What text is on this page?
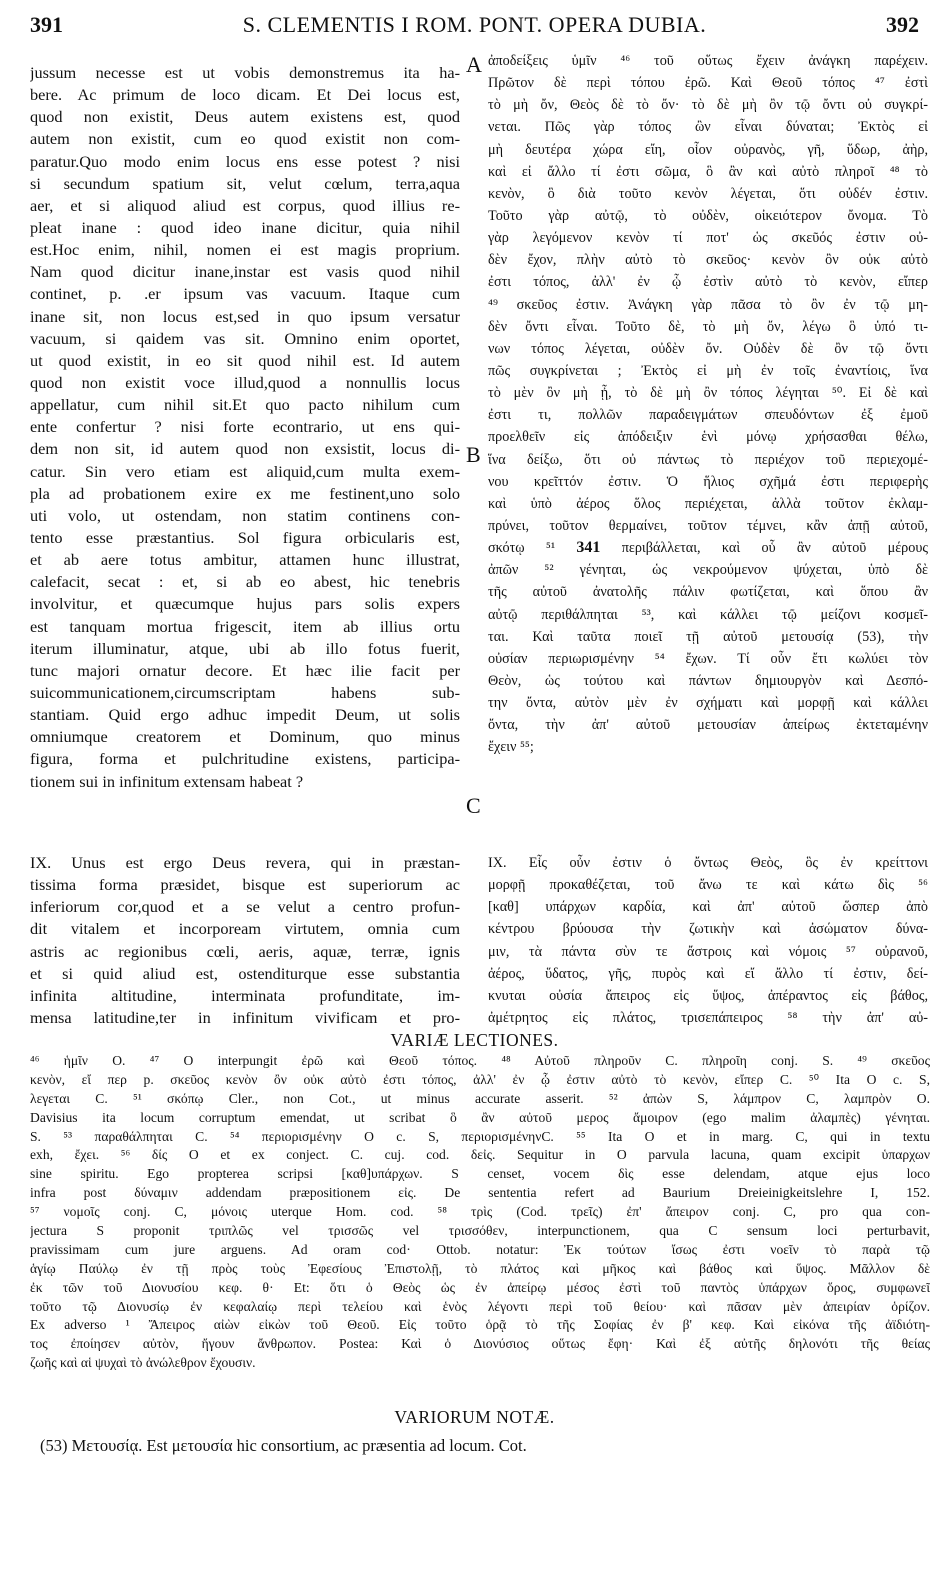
391	S. CLEMENTIS I ROM. PONT. OPERA DUBIA.	392
jussum necesse est ut vobis demonstremus ita ha-
bere. Ac primum de loco dicam. Et Dei locus est,
quod non existit, Deus autem existens est, quod
autem non existit, cum eo quod existit non com-
paratur.Quo modo enim locus ens esse potest ? nisi
si secundum spatium sit, velut cœlum, terra,aqua
aer, et si aliquod aliud est corpus, quod illius re-
pleat inane : quod ideo inane dicitur, quia nihil
est.Hoc enim, nihil, nomen ei est magis proprium.
Nam quod dicitur inane,instar est vasis quod nihil
continet, p. .er ipsum vas vacuum. Itaque cum
inane sit, non locus est,sed in quo ipsum versatur
vacuum, si qaidem vas sit. Omnino enim oportet,
ut quod existit, in eo sit quod nihil est. Id autem
quod non existit voce illud,quod a nonnullis locus
appellatur, cum nihil sit.Et quo pacto nihilum cum
ente confertur ? nisi forte econtrario, ut ens qui-
dem non sit, id autem quod non exsistit, locus di-
catur. Sin vero etiam est aliquid,cum multa exem-
pla ad probationem exire ex me festinent,uno solo
uti volo, ut ostendam, non statim continens con-
tento esse præstantius. Sol figura orbicularis est,
et ab aere totus ambitur, attamen hunc illustrat,
calefacit, secat : et, si ab eo abest, hic tenebris
involvitur, et quæcumque hujus pars solis expers
est tanquam mortua frigescit, item ab illius ortu
iterum illuminatur, atque, ubi ab illo fotus fuerit,
tunc majori ornatur decore. Et hæc ilie facit per
suicommunicationem,circumscriptam habens sub-
stantiam. Quid ergo adhuc impedit Deum, ut solis
omniumque creatorem et Dominum, quo minus
figura, forma et pulchritudine existens, participa-
tionem sui in infinitum extensam habeat ?
ἀποδείξεις ὑμῖν ⁴⁶ τοῦ οὕτως ἔχειν ἀνάγκη παρέχειν.
Πρῶτον δὲ περὶ τόπου ἐρῶ. Καὶ Θεοῦ τόπος ⁴⁷ ἐστὶ
τὸ μὴ ὄν, Θεὸς δὲ τὸ ὄν· τὸ δὲ μὴ ὂν τῷ ὄντι οὐ συγκρί-
νεται. Πῶς γὰρ τόπος ὢν εἶναι δύναται; Ἐκτὸς εἰ
μὴ δευτέρα χώρα εἴη, οἷον οὐρανὸς, γῆ, ὕδωρ, ἀὴρ,
καὶ εἰ ἄλλο τί ἐστι σῶμα, ὃ ἂν καὶ αὐτὸ πληροῖ ⁴⁸ τὸ
κενὸν, ὃ διὰ τοῦτο κενὸν λέγεται, ὅτι οὐδέν ἐστιν.
Τοῦτο γὰρ αὐτῷ, τὸ οὐδὲν, οἰκειότερον ὄνομα. Τὸ
γὰρ λεγόμενον κενὸν τί ποτ' ὡς σκεῦός ἐστιν οὐ-
δὲν ἔχον, πλὴν αὐτὸ τὸ σκεῦος· κενὸν ὂν οὐκ αὐτὸ
ἐστι τόπος, ἀλλ' ἐν ᾧ ἐστὶν αὐτὸ τὸ κενὸν, εἴπερ
⁴⁹ σκεῦος ἐστιν. Ἀνάγκη γὰρ πᾶσα τὸ ὂν ἐν τῷ μη-
δὲν ὄντι εἶναι. Τοῦτο δὲ, τὸ μὴ ὄν, λέγω ὃ ὑπό τι-
νων τόπος λέγεται, οὐδὲν ὄν. Οὐδὲν δὲ ὂν τῷ ὄντι
πῶς συγκρίνεται ; Ἐκτὸς εἰ μὴ ἐν τοῖς ἐναντίοις, ἵνα
τὸ μὲν ὂν μὴ ᾖ, τὸ δὲ μὴ ὂν τόπος λέγηται ⁵⁰. Εἰ δὲ καὶ
ἐστι τι, πολλῶν παραδειγμάτων σπευδόντων ἐξ ἐμοῦ
προελθεῖν εἰς ἀπόδειξιν ἑνὶ μόνῳ χρήσασθαι θέλω,
ἵνα δείξω, ὅτι οὐ πάντως τὸ περιέχον τοῦ περιεχομέ-
νου κρεῖττόν ἐστιν. Ὁ ἥλιος σχῆμά ἐστι περιφερὴς
καὶ ὑπὸ ἀέρος ὅλος περιέχεται, ἀλλὰ τοῦτον ἐκλαμ-
πρύνει, τοῦτον θερμαίνει, τοῦτον τέμνει, κἂν ἀπῇ αὐτοῦ,
σκότῳ ⁵¹ 341 περιβάλλεται, καὶ οὗ ἂν αὐτοῦ μέρους
ἀπῶν ⁵² γένηται, ὡς νεκρούμενον ψύχεται, ὑπὸ δὲ
τῆς αὐτοῦ ἀνατολῆς πάλιν φωτίζεται, καὶ ὅπου ἂν
αὐτῷ περιθάλπηται ⁵³, καὶ κάλλει τῷ μείζονι κοσμεῖ-
ται. Καὶ ταῦτα ποιεῖ τῇ αὐτοῦ μετουσίᾳ (53), τὴν
οὐσίαν περιωρισμένην ⁵⁴ ἔχων. Τί οὖν ἔτι κωλύει τὸν
Θεὸν, ὡς τούτου καὶ πάντων δημιουργὸν καὶ Δεσπό-
την ὄντα, αὐτὸν μὲν ἐν σχήματι καὶ μορφῇ καὶ κάλλει
ὄντα, τὴν ἀπ' αὐτοῦ μετουσίαν ἀπείρως ἐκτεταμένην
ἔχειν ⁵⁵;
A
B
C
IX. Unus est ergo Deus revera, qui in præstan-
tissima forma præsidet, bisque est superiorum ac
inferiorum cor,quod et a se velut a centro profun-
dit vitalem et incorpoream virtutem, omnia cum
astris ac regionibus cœli, aeris, aquæ, terræ, ignis
et si quid aliud est, ostenditurque esse substantia
infinita altitudine, interminata profunditate, im-
mensa latitudine,ter in infinitum vivificam et pro-
IX. Εἷς οὖν ἐστιν ὁ ὄντως Θεὸς, ὃς ἐν κρείττονι
μορφῇ προκαθέζεται, τοῦ ἄνω τε καὶ κάτω δὶς ⁵⁶
[καθ] υπάρχων καρδία, καὶ ἀπ' αὐτοῦ ὥσπερ ἀπὸ
κέντρου βρύουσα τὴν ζωτικὴν καὶ ἀσώματον δύνα-
μιν, τὰ πάντα σὺν τε ἄστροις καὶ νόμοις ⁵⁷ οὐρανοῦ,
ἀέρος, ὕδατος, γῆς, πυρὸς καὶ εἴ ἄλλο τί ἐστιν, δεί-
κνυται οὐσία ἄπειρος εἰς ὕψος, ἀπέραντος εἰς βάθος,
ἀμέτρητος εἰς πλάτος, τρισεπάπειρος ⁵⁸ τὴν ἀπ' αὐ-
VARIÆ LECTIONES.
⁴⁶ ἡμῖν O. ⁴⁷ O interpungit ἐρῶ καὶ Θεοῦ τόπος. ⁴⁸ Αὐτοῦ πληροῦν C. πληροῖη conj. S. ⁴⁹ σκεῦος
κενὸν, εἴ περ p. σκεῦος κενὸν ὂν οὐκ αὐτὸ ἐστι τόπος, ἀλλ' ἐν ᾧ ἐστιν αὐτὸ τὸ κενὸν, εἴπερ C. ⁵⁰ Ita O c. S,
λεγεται C. ⁵¹ σκόπῳ Cler., non Cot., ut minus accurate asserit. ⁵² ἀπὼν S, λάμπρον C, λαμπρὸν O.
Davisius ita locum corruptum emendat, ut scribat ὃ ἂν αὐτοῦ μερος ἄμοιρον (ego malim ἀλαμπὲς) γένηται.
S. ⁵³ παραθάλπηται C. ⁵⁴ περιορισμένην O c. S, περιορισμένηνC. ⁵⁵ Ita O et in marg. C, qui in textu
exh, ἔχει. ⁵⁶ δίς O et ex conject. C. cuj. cod. δεἰς. Sequitur in O parvula lacuna, quam excipit ὑπαρχων
sine spiritu. Ego propterea scripsi [καθ]υπάρχων. S censet, vocem δὶς esse delendam, atque ejus loco
infra post δύναμιν addendam præpositionem εἰς. De sententia refert ad Baurium Dreieinigkeitslehre I, 152.
⁵⁷ νομοῖς conj. C, μόνοις uterque Hom. cod. ⁵⁸ τρὶς (Cod. τρεῖς) ἐπ' ἄπειρον conj. C, pro qua con-
jectura S proponit τριπλῶς vel τρισσῶς vel τρισσόθεν, interpunctionem, qua C sensum loci perturbavit,
pravissimam cum jure arguens. Ad oram cod· Ottob. notatur: Ἐκ τούτων ἴσως ἐστι νοεῖν τὸ παρὰ τῷ
ἁγίῳ Παύλῳ ἐν τῇ πρὸς τοὺς Ἐφεσίους Ἐπιστολῇ, τὸ πλάτος καὶ μῆκος καὶ βάθος καὶ ὕψος. Μᾶλλον δὲ
ἐκ τῶν τοῦ Διονυσίου κεφ. θ· Et: ὅτι ὁ Θεὸς ὡς ἐν ἀπείρῳ μέσος ἐστὶ τοῦ παντὸς ὑπάρχων ὅρος, συμφωνεῖ
τοῦτο τῷ Διονυσίῳ ἐν κεφαλαίῳ περὶ τελείου καὶ ἑνὸς λέγοντι περὶ τοῦ θείου· καὶ πᾶσαν μὲν ἀπειρίαν ὁρίζον.
Ex adverso ¹ Ἄπειρος αἰὼν εἰκὼν τοῦ Θεοῦ. Εἰς τοῦτο ὁρᾷ τὸ τῆς Σοφίας ἐν β' κεφ. Καὶ εἰκόνα τῆς ἀϊδιότη-
τος ἐποίησεν αὐτὸν, ἤγουν ἄνθρωπον. Postea: Καὶ ὁ Διονύσιος οὕτως ἔφη· Καὶ ἐξ αὐτῆς δηλονότι τῆς θείας
ζωῆς καὶ αἱ ψυχαὶ τὸ ἀνώλεθρον ἔχουσιν.
VARIORUM NOTÆ.
(53) Μετουσίᾳ. Est μετουσία hic consortium, ac præsentia ad locum. Cot.
